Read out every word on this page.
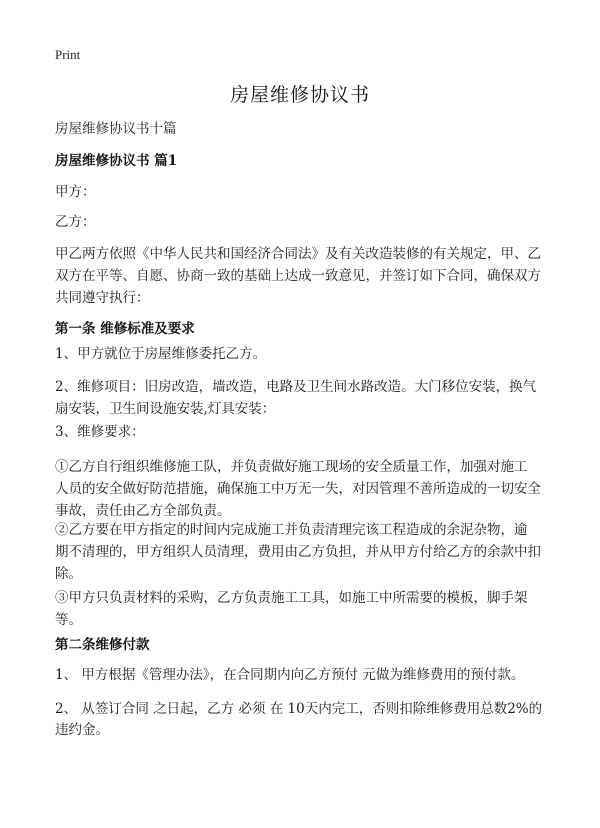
Print
房屋维修协议书
房屋维修协议书十篇
房屋维修协议书 篇1
甲方：
乙方：
甲乙两方依照《中华人民共和国经济合同法》及有关改造装修的有关规定，甲、乙
双方在平等、自愿、协商一致的基础上达成一致意见，并签订如下合同，确保双方
共同遵守执行：
第一条 维修标准及要求
1、甲方就位于房屋维修委托乙方。
2、维修项目：旧房改造，墙改造，电路及卫生间水路改造。大门移位安装，换气
扇安装，卫生间设施安装,灯具安装：
3、维修要求：
①乙方自行组织维修施工队，并负责做好施工现场的安全质量工作，加强对施工
人员的安全做好防范措施，确保施工中万无一失，对因管理不善所造成的一切安全
事故，责任由乙方全部负责。
②乙方要在甲方指定的时间内完成施工并负责清理完该工程造成的余泥杂物，逾
期不清理的，甲方组织人员清理，费用由乙方负担，并从甲方付给乙方的余款中扣
除。
③甲方只负责材料的采购，乙方负责施工工具，如施工中所需要的模板，脚手架
等。
第二条维修付款
1、 甲方根据《管理办法》，在合同期内向乙方预付 元做为维修费用的预付款。
2、 从签订合同 之日起，乙方 必须 在 10天内完工，否则扣除维修费用总数2%的
违约金。
